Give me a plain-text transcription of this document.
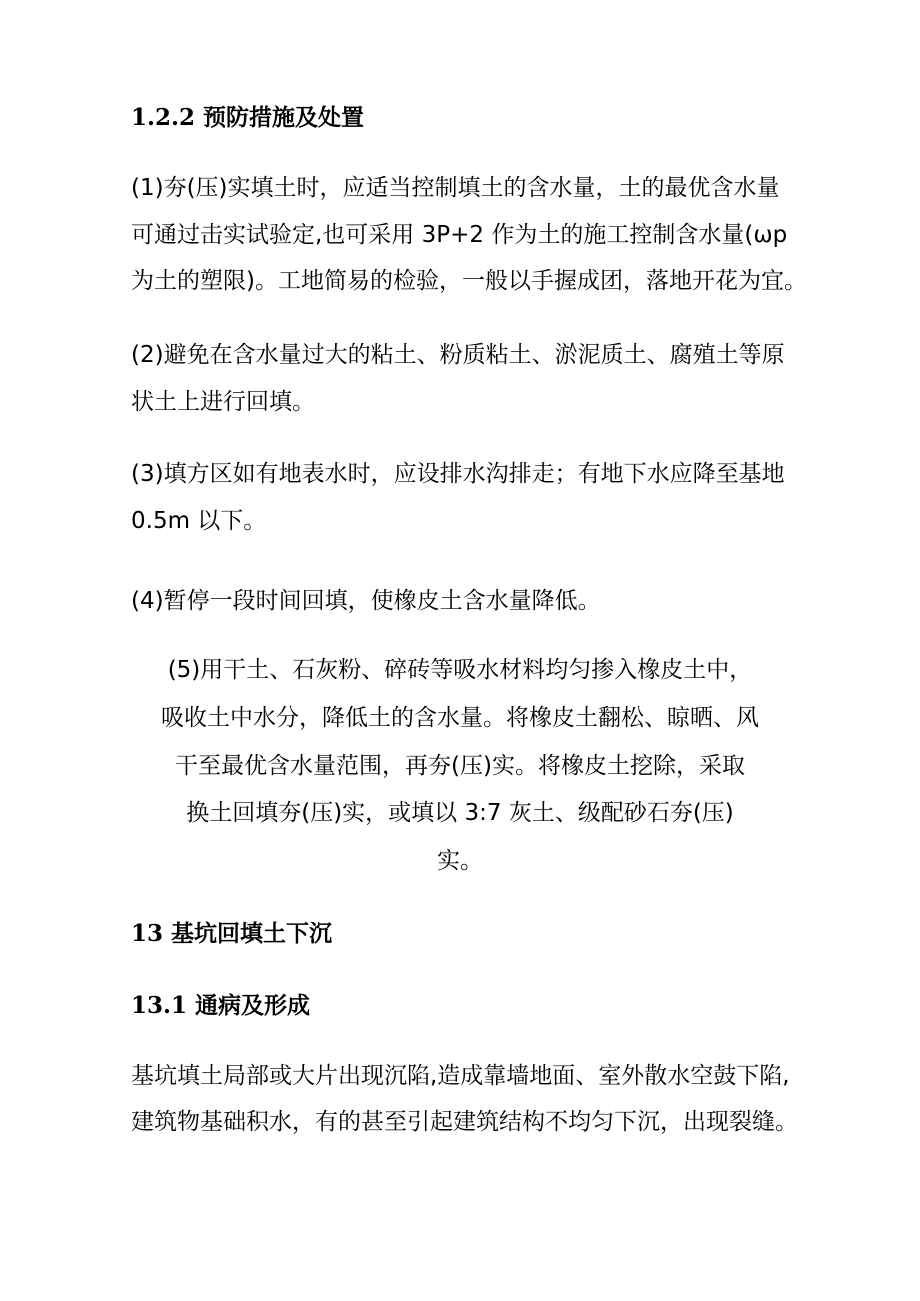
1.2.2 预防措施及处置
(1)夯(压)实填土时，应适当控制填土的含水量，土的最优含水量
可通过击实试验定,也可采用 3P+2 作为土的施工控制含水量(ωp
为土的塑限)。工地简易的检验，一般以手握成团，落地开花为宜。
(2)避免在含水量过大的粘土、粉质粘土、淤泥质土、腐殖土等原
状土上进行回填。
(3)填方区如有地表水时，应设排水沟排走；有地下水应降至基地
0.5m 以下。
(4)暂停一段时间回填，使橡皮土含水量降低。
(5)用干土、石灰粉、碎砖等吸水材料均匀掺入橡皮土中，
吸收土中水分，降低土的含水量。将橡皮土翻松、晾晒、风
干至最优含水量范围，再夯(压)实。将橡皮土挖除，采取
换土回填夯(压)实，或填以 3:7 灰土、级配砂石夯(压)
实。
13 基坑回填土下沉
13.1 通病及形成
基坑填土局部或大片出现沉陷,造成靠墙地面、室外散水空鼓下陷,
建筑物基础积水，有的甚至引起建筑结构不均匀下沉，出现裂缝。
